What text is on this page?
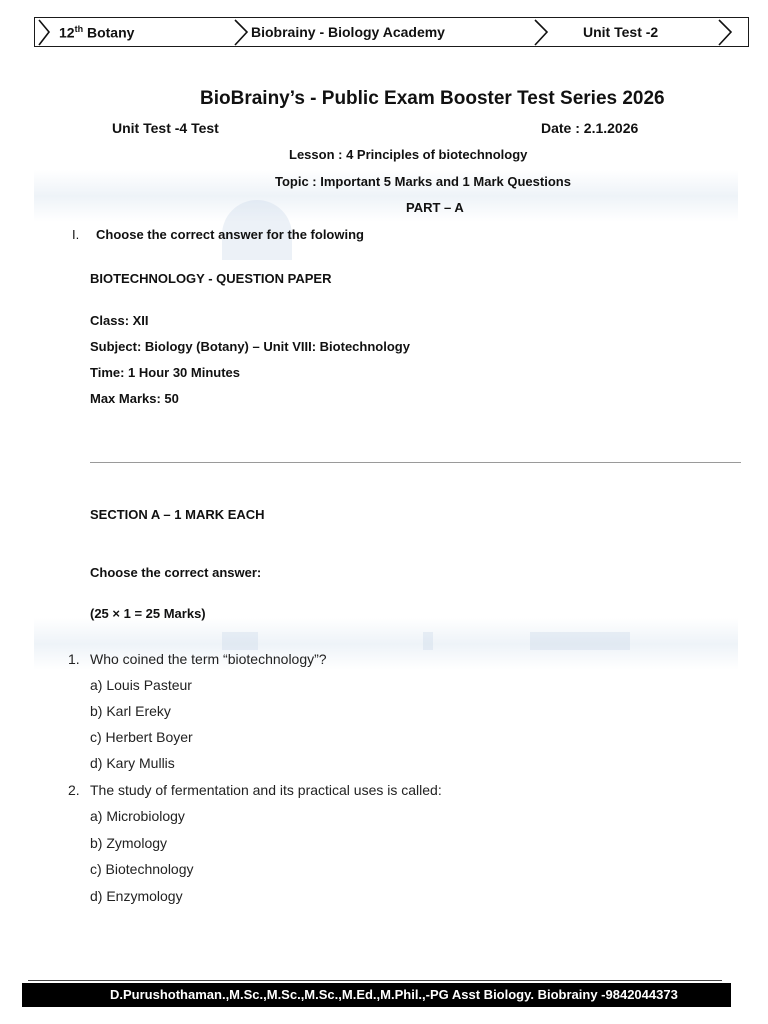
12th Botany	Biobrainy - Biology Academy	Unit Test -2
BioBrainy’s - Public Exam Booster Test Series 2026
Unit Test -4 Test	Date : 2.1.2026
Lesson : 4 Principles of biotechnology
Topic : Important 5 Marks and 1 Mark Questions
PART – A
I. Choose the correct answer for the folowing
BIOTECHNOLOGY - QUESTION PAPER
Class: XII
Subject: Biology (Botany) – Unit VIII: Biotechnology
Time: 1 Hour 30 Minutes
Max Marks: 50
SECTION A – 1 MARK EACH
Choose the correct answer:
(25 × 1 = 25 Marks)
1. Who coined the term “biotechnology”?
a) Louis Pasteur
b) Karl Ereky
c) Herbert Boyer
d) Kary Mullis
2. The study of fermentation and its practical uses is called:
a) Microbiology
b) Zymology
c) Biotechnology
d) Enzymology
D.Purushothaman.,M.Sc.,M.Sc.,M.Sc.,M.Ed.,M.Phil.,-PG Asst Biology. Biobrainy -9842044373
